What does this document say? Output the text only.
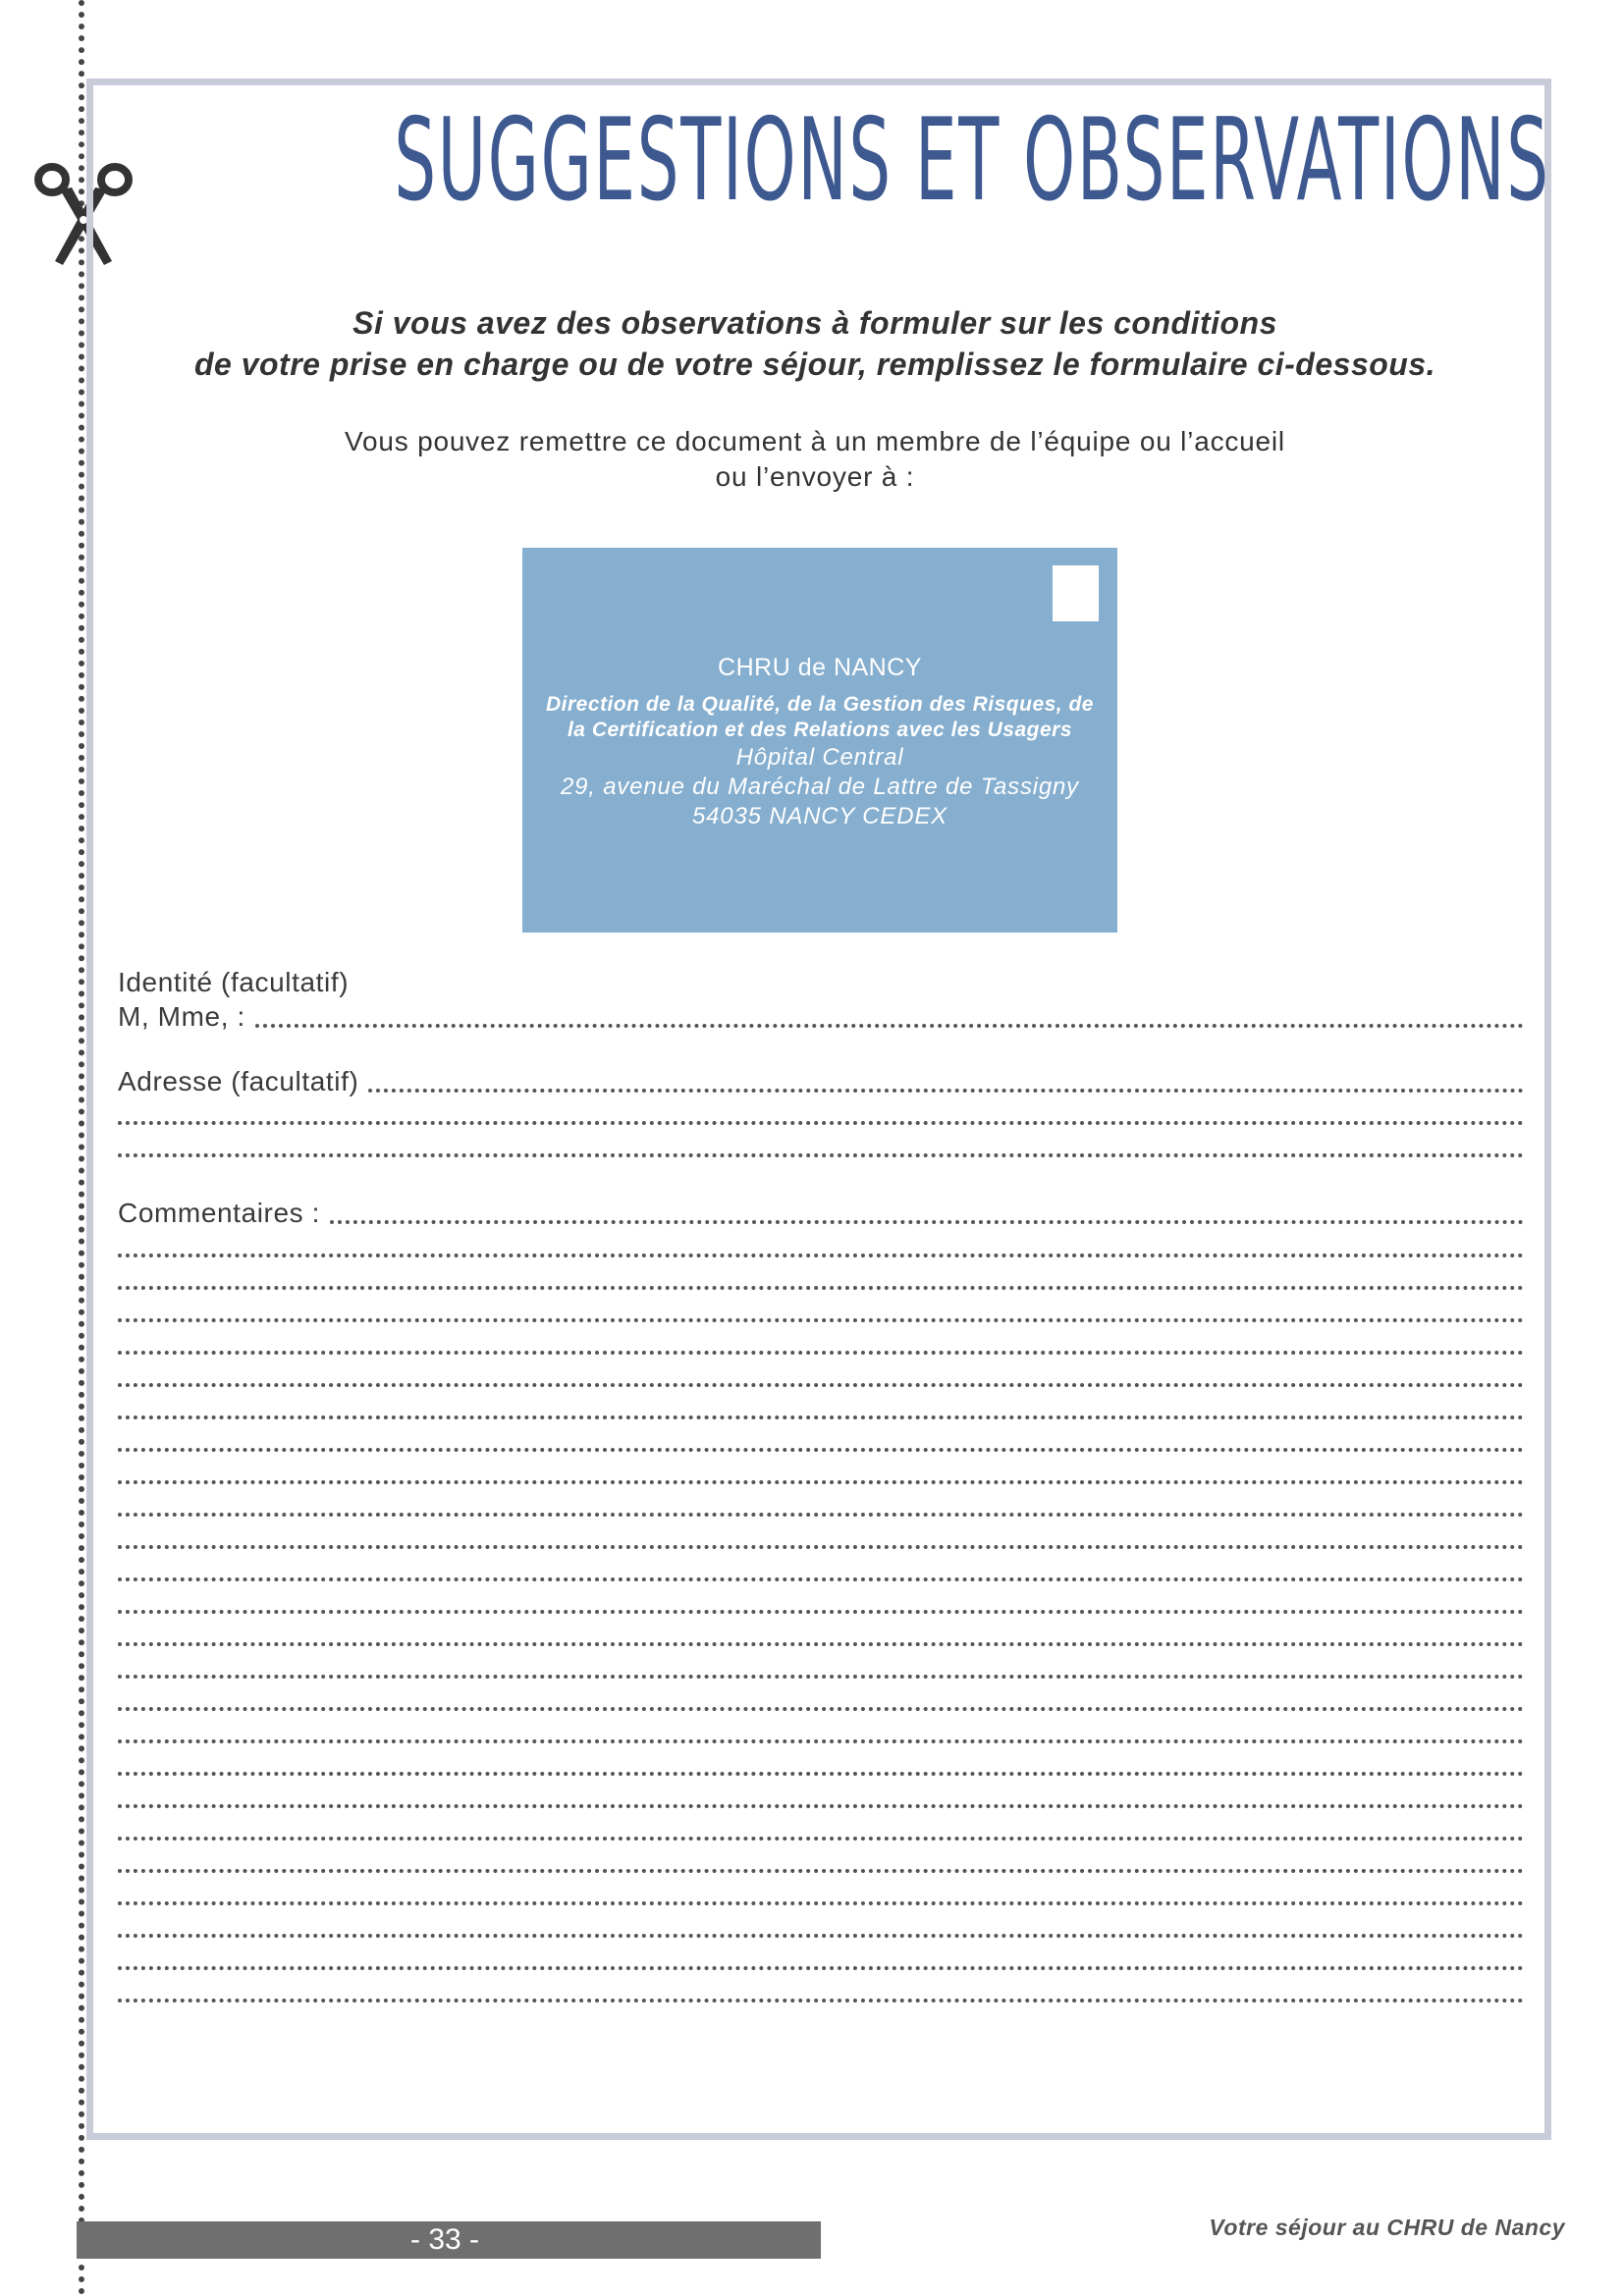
SUGGESTIONS ET OBSERVATIONS
Si vous avez des observations à formuler sur les conditions
de votre prise en charge ou de votre séjour, remplissez le formulaire ci-dessous.
Vous pouvez remettre ce document à un membre de l’équipe ou l’accueil
ou l’envoyer à :
CHRU de NANCY
Direction de la Qualité, de la Gestion des Risques, de
la Certification et des Relations avec les Usagers
Hôpital Central
29, avenue du Maréchal de Lattre de Tassigny
54035 NANCY CEDEX
Identité (facultatif)
M, Mme, :
Adresse (facultatif)
Commentaires :
- 33 -	Votre séjour au CHRU de Nancy
